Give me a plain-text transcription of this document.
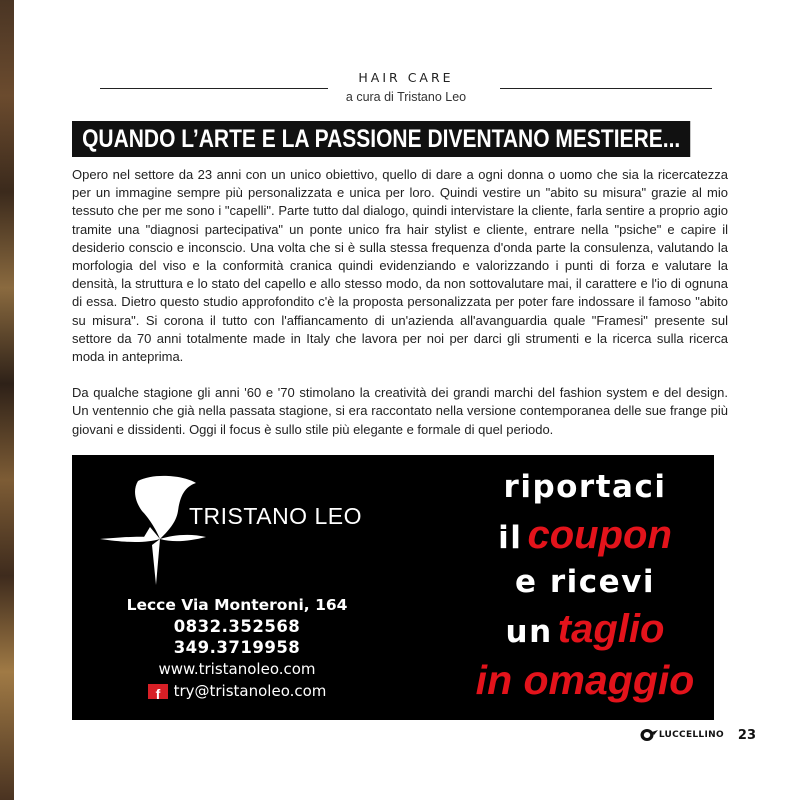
HAIR CARE
a cura di Tristano Leo
QUANDO L’ARTE E LA PASSIONE DIVENTANO MESTIERE...

Opero nel settore da 23 anni con un unico obiettivo, quello di dare a ogni donna o uomo che sia la ricercatezza per un immagine sempre più personalizzata e unica per loro. Quindi vestire un "abito su misura" grazie al mio tessuto che per me sono i "capelli". Parte tutto dal dialogo, quindi intervistare la cliente, farla sentire a proprio agio tramite una "diagnosi partecipativa" un ponte unico fra hair stylist e cliente, entrare nella "psiche" e capire il desiderio conscio e inconscio. Una volta che si è sulla stessa frequenza d'onda parte la consulenza, valutando la morfologia del viso e la conformità cranica quindi evidenziando e valorizzando i punti di forza e valutare la densità, la struttura e lo stato del capello e allo stesso modo, da non sottovalutare mai, il carattere e l'io di ognuna di essa. Dietro questo studio approfondito c'è la proposta personalizzata per poter fare indossare il famoso "abito su misura". Si corona il tutto con l'affiancamento di un'azienda all'avanguardia quale "Framesi" presente sul settore da 70 anni totalmente made in Italy che lavora per noi per darci gli strumenti e la ricerca sulla ricerca moda in anteprima.

Da qualche stagione gli anni '60 e '70 stimolano la creatività dei grandi marchi del fashion system e del design. Un ventennio che già nella passata stagione, si era raccontato nella versione contemporanea delle sue frange più giovani e dissidenti. Oggi il focus è sullo stile più elegante e formale di quel periodo.

TRISTANO LEO
Lecce Via Monteroni, 164
0832.352568
349.3719958
www.tristanoleo.com
f try@tristanoleo.com
riportaci
il coupon
e ricevi
un taglio
in omaggio
LUCCELLINO 23
